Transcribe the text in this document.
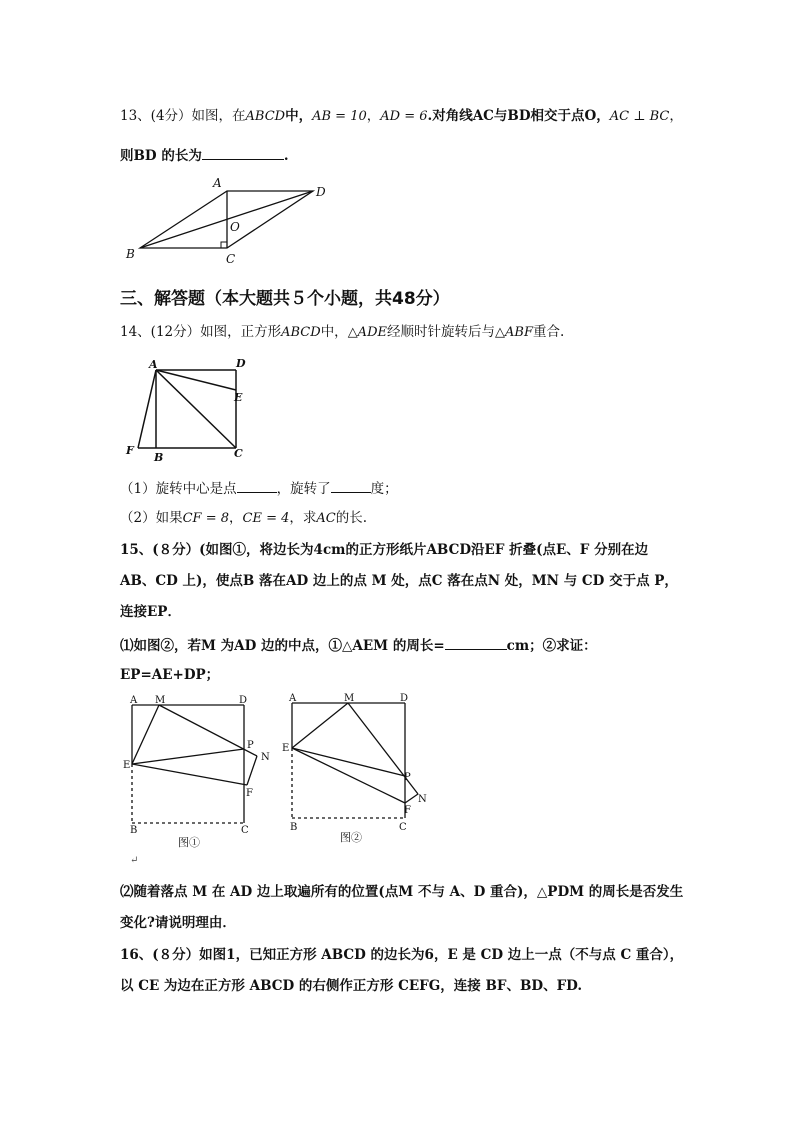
13、(4分）如图，在ABCD中，AB = 10，AD = 6.对角线AC与BD相交于点O，AC ⊥ BC，
则BD 的长为	.
A
D
O
B	C
三、解答题（本大题共５个小题，共48分）
14、(12分）如图，正方形ABCD中，△ADE经顺时针旋转后与△ABF重合.
A	D
E
F
B	C
（1）旋转中心是点	，旋转了	度；
（2）如果CF = 8，CE = 4，求AC的长.
15、(８分）(如图①，将边长为4cm的正方形纸片ABCD沿EF 折叠(点E、F 分别在边
AB、CD 上)，使点B 落在AD 边上的点 M 处，点C 落在点N 处，MN 与 CD 交于点 P，
连接EP．
⑴如图②，若M 为AD 边的中点，①△AEM 的周长=	cm；②求证：
EP=AE+DP；
A M	D
P
N
E
F
B	C
图①
↵
A	M	D
E
P
N
F
B	C
图②
⑵随着落点 M 在 AD 边上取遍所有的位置(点M 不与 A、D 重合)，△PDM 的周长是否发生
变化?请说明理由．
16、(８分）如图1，已知正方形 ABCD 的边长为6，E 是 CD 边上一点（不与点 C 重合），
以 CE 为边在正方形 ABCD 的右侧作正方形 CEFG，连接 BF、BD、FD.
